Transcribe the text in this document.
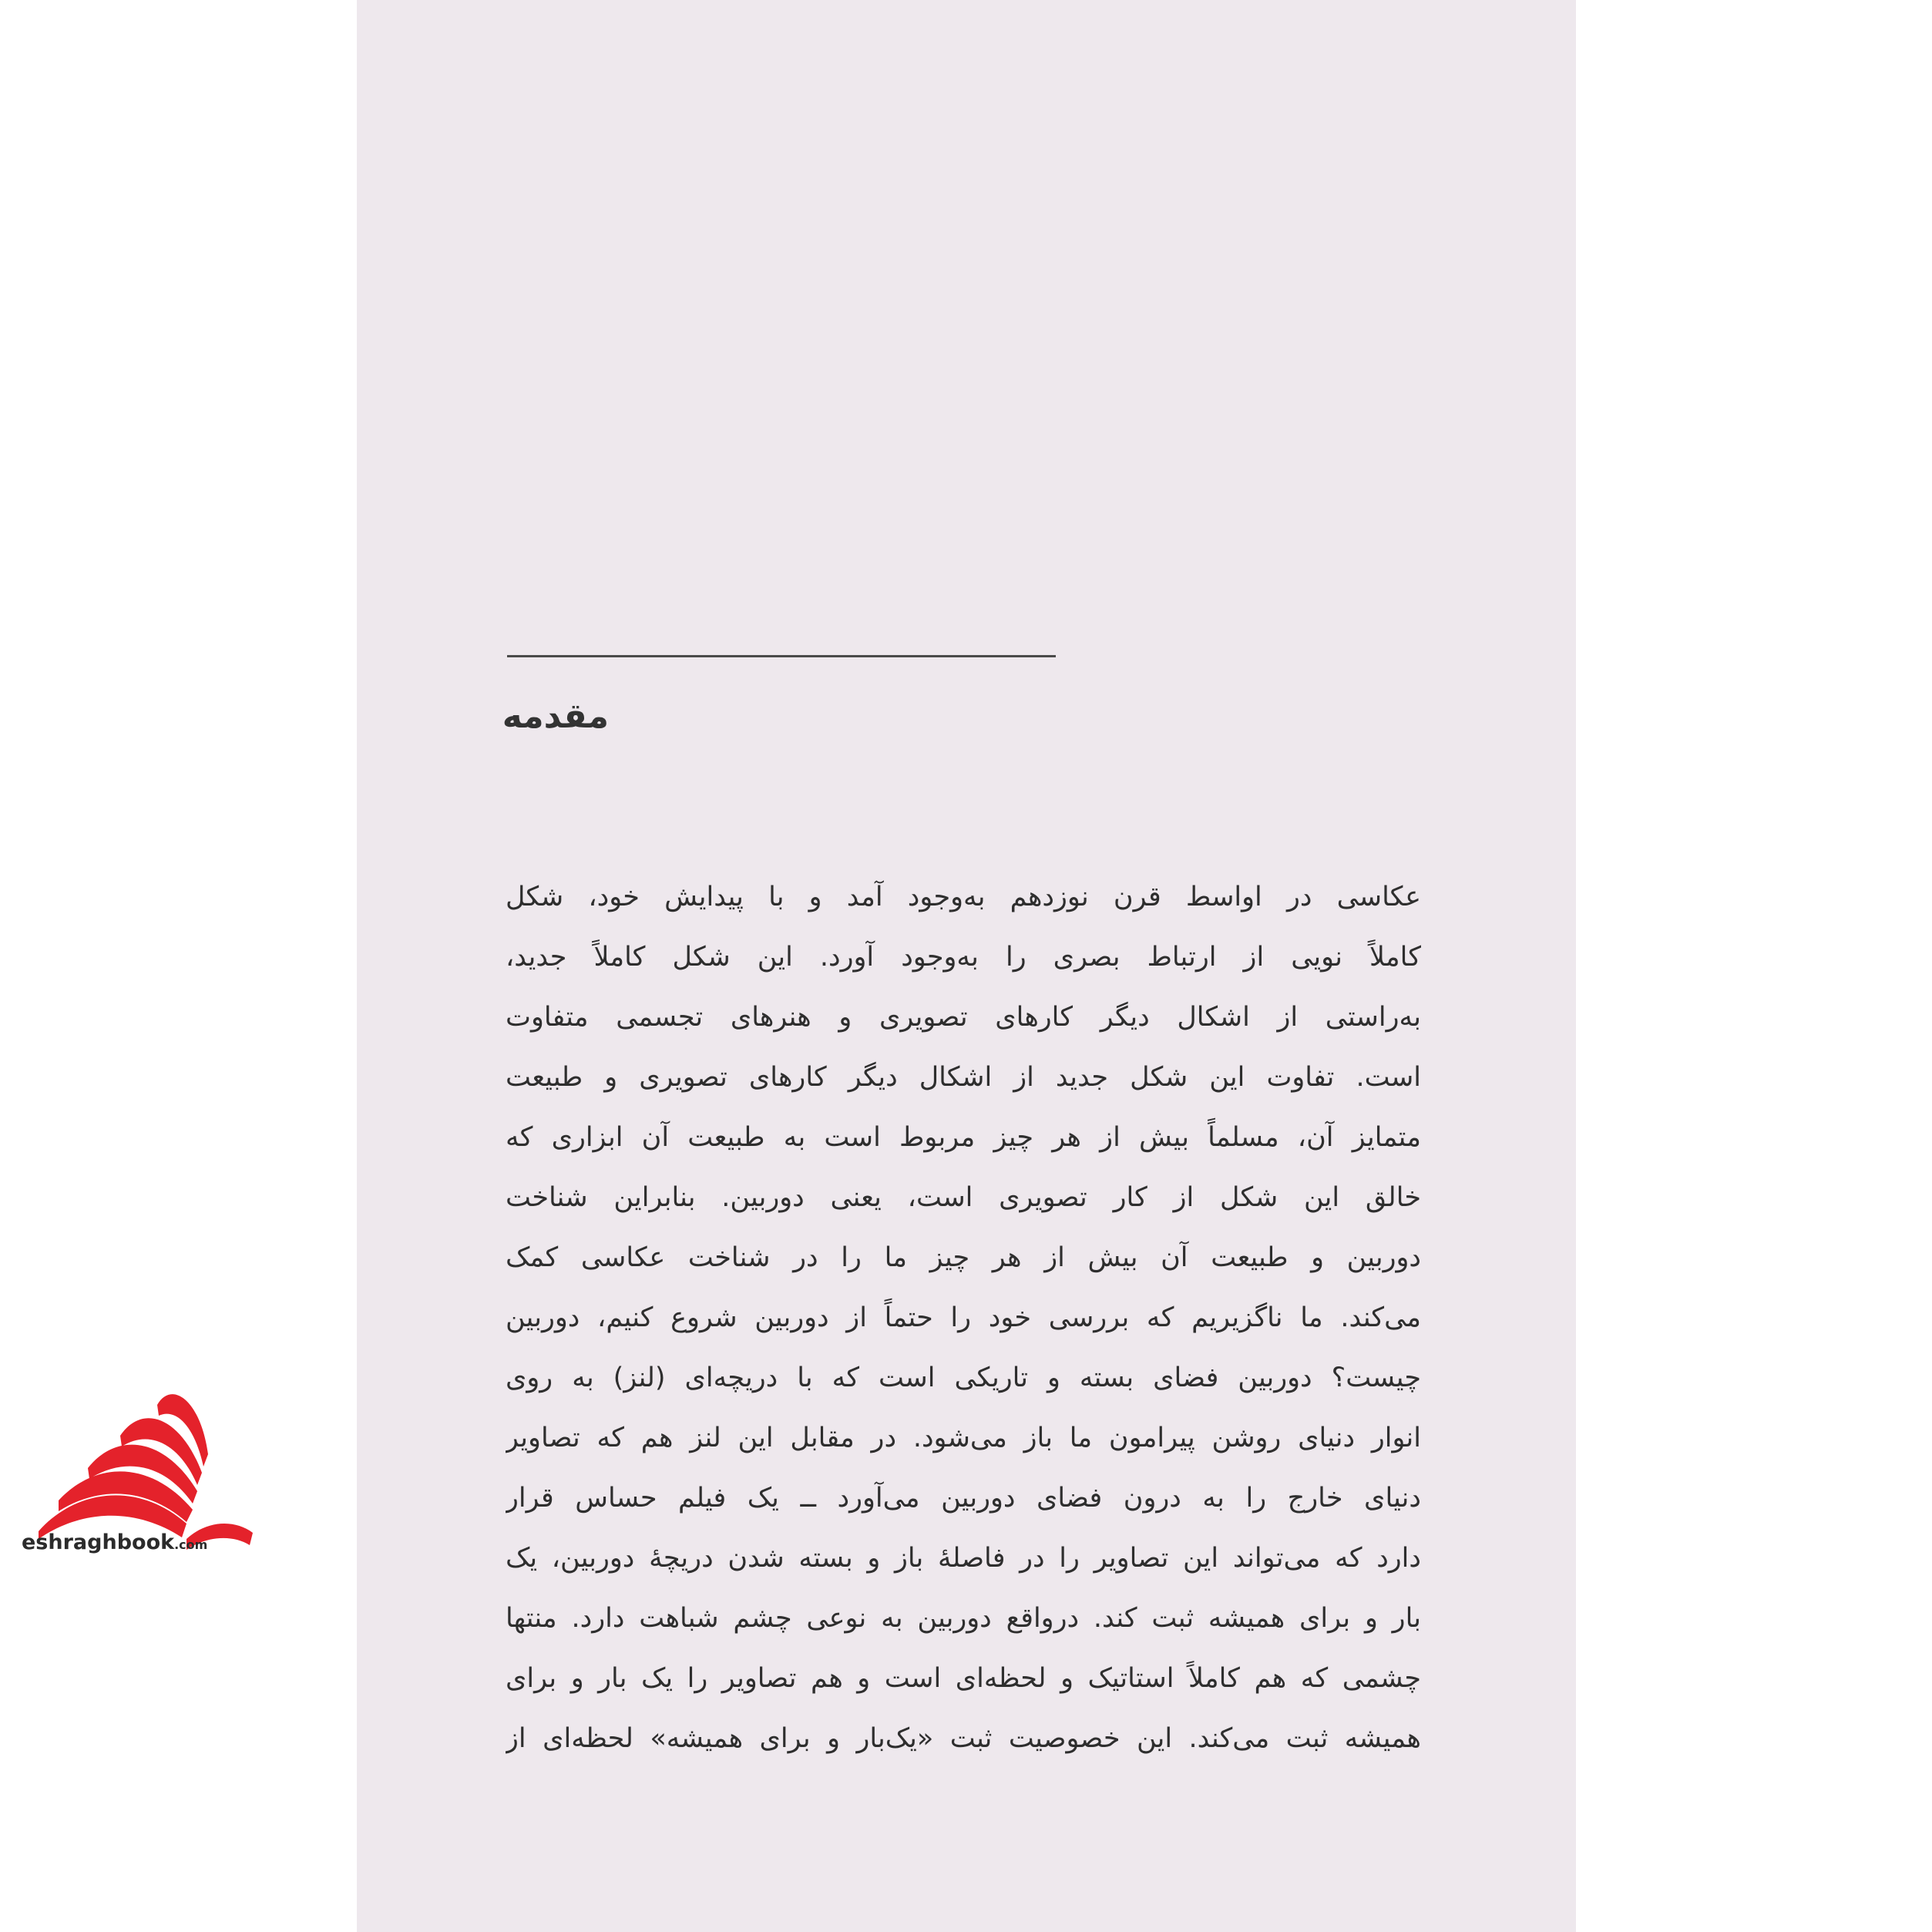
مقدمه
عکاسی در اواسط قرن نوزدهم به‌وجود آمد و با پیدایش خود، شکل
کاملاً نویی از ارتباط بصری را به‌وجود آورد. این شکل کاملاً جدید،
به‌راستی از اشکال دیگر کارهای تصویری و هنرهای تجسمی متفاوت
است. تفاوت این شکل جدید از اشکال دیگر کارهای تصویری و طبیعت
متمایز آن، مسلماً بیش از هر چیز مربوط است به طبیعت آن ابزاری که
خالق این شکل از کار تصویری است، یعنی دوربین. بنابراین شناخت
دوربین و طبیعت آن بیش از هر چیز ما را در شناخت عکاسی کمک
می‌کند. ما ناگزیریم که بررسی خود را حتماً از دوربین شروع کنیم، دوربین
چیست؟ دوربین فضای بسته و تاریکی است که با دریچه‌ای (لنز) به روی
انوار دنیای روشن پیرامون ما باز می‌شود. در مقابل این لنز هم که تصاویر
دنیای خارج را به درون فضای دوربین می‌آورد ــ یک فیلم حساس قرار
دارد که می‌تواند این تصاویر را در فاصلهٔ باز و بسته شدن دریچهٔ دوربین، یک
بار و برای همیشه ثبت کند. درواقع دوربین به نوعی چشم شباهت دارد. منتها
چشمی که هم کاملاً استاتیک و لحظه‌ای است و هم تصاویر را یک بار و برای
همیشه ثبت می‌کند. این خصوصیت ثبت «یک‌بار و برای همیشه» لحظه‌ای از
eshraghbook.com
